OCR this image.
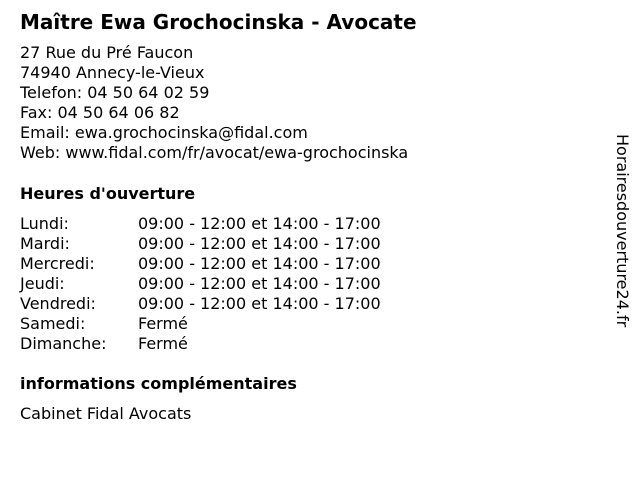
Maître Ewa Grochocinska - Avocate
27 Rue du Pré Faucon
74940 Annecy-le-Vieux
Telefon: 04 50 64 02 59
Fax: 04 50 64 06 82
Email: ewa.grochocinska@fidal.com
Web: www.fidal.com/fr/avocat/ewa-grochocinska
Heures d'ouverture
Lundi:	09:00 - 12:00 et 14:00 - 17:00
Mardi:	09:00 - 12:00 et 14:00 - 17:00
Mercredi:	09:00 - 12:00 et 14:00 - 17:00
Jeudi:	09:00 - 12:00 et 14:00 - 17:00
Vendredi:	09:00 - 12:00 et 14:00 - 17:00
Samedi:	Fermé
Dimanche: Fermé
informations complémentaires
Cabinet Fidal Avocats
Horairesdouverture24.fr
